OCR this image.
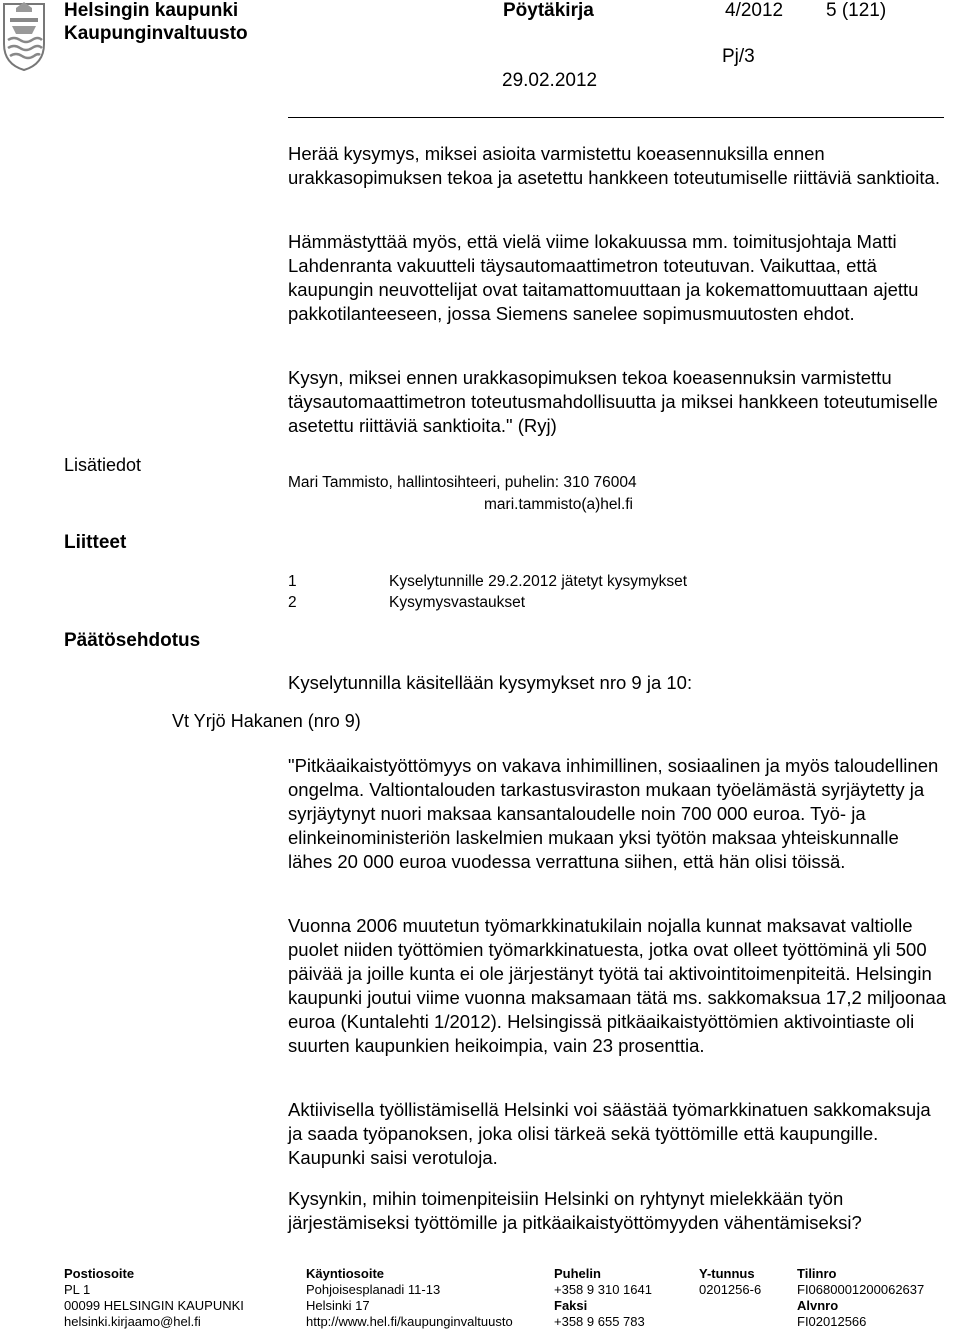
Helsingin kaupunki
Kaupunginvaltuusto
Pöytäkirja	4/2012 5 (121)
Pj/3
29.02.2012
Herää kysymys, miksei asioita varmistettu koeasennuksilla ennen urakkasopimuksen tekoa ja asetettu hankkeen toteutumiselle riittäviä sanktioita.
Hämmästyttää myös, että vielä viime lokakuussa mm. toimitusjohtaja Matti Lahdenranta vakuutteli täysautomaattimetron toteutuvan. Vaikuttaa, että kaupungin neuvottelijat ovat taitamattomuuttaan ja kokemattomuuttaan ajettu pakkotilanteeseen, jossa Siemens sanelee sopimusmuutosten ehdot.
Kysyn, miksei ennen urakkasopimuksen tekoa koeasennuksin varmistettu täysautomaattimetron toteutusmahdollisuutta ja miksei hankkeen toteutumiselle asetettu riittäviä sanktioita." (Ryj)
Lisätiedot
Liitteet
Päätösehdotus
Vt Yrjö Hakanen (nro 9)
Mari Tammisto, hallintosihteeri, puhelin: 310 76004
mari.tammisto(a)hel.fi
1	Kyselytunnille 29.2.2012 jätetyt kysymykset
2	Kysymysvastaukset
Kyselytunnilla käsitellään kysymykset nro 9 ja 10:
"Pitkäaikaistyöttömyys on vakava inhimillinen, sosiaalinen ja myös taloudellinen ongelma. Valtiontalouden tarkastusviraston mukaan työelämästä syrjäytetty ja syrjäytynyt nuori maksaa kansantaloudelle noin 700 000 euroa. Työ- ja elinkeinoministeriön laskelmien mukaan yksi työtön maksaa yhteiskunnalle lähes 20 000 euroa vuodessa verrattuna siihen, että hän olisi töissä.
Vuonna 2006 muutetun työmarkkinatukilain nojalla kunnat maksavat valtiolle puolet niiden työttömien työmarkkinatuesta, jotka ovat olleet työttöminä yli 500 päivää ja joille kunta ei ole järjestänyt työtä tai aktivointitoimenpiteitä. Helsingin kaupunki joutui viime vuonna maksamaan tätä ms. sakkomaksua 17,2 miljoonaa euroa (Kuntalehti 1/2012). Helsingissä pitkäaikaistyöttömien aktivointiaste oli suurten kaupunkien heikoimpia, vain 23 prosenttia.
Aktiivisella työllistämisellä Helsinki voi säästää työmarkkinatuen sakkomaksuja ja saada työpanoksen, joka olisi tärkeä sekä työttömille että kaupungille. Kaupunki saisi verotuloja.
Kysynkin, mihin toimenpiteisiin Helsinki on ryhtynyt mielekkään työn järjestämiseksi työttömille ja pitkäaikaistyöttömyyden vähentämiseksi?
Postiosoite
PL 1
00099 HELSINGIN KAUPUNKI
helsinki.kirjaamo@hel.fi
Käyntiosoite
Pohjoisesplanadi 11-13
Helsinki 17
http://www.hel.fi/kaupunginvaltuusto
Puhelin
+358 9 310 1641
Faksi
+358 9 655 783
Y-tunnus
0201256-6
Tilinro
FI0680001200062637
Alvnro
FI02012566
